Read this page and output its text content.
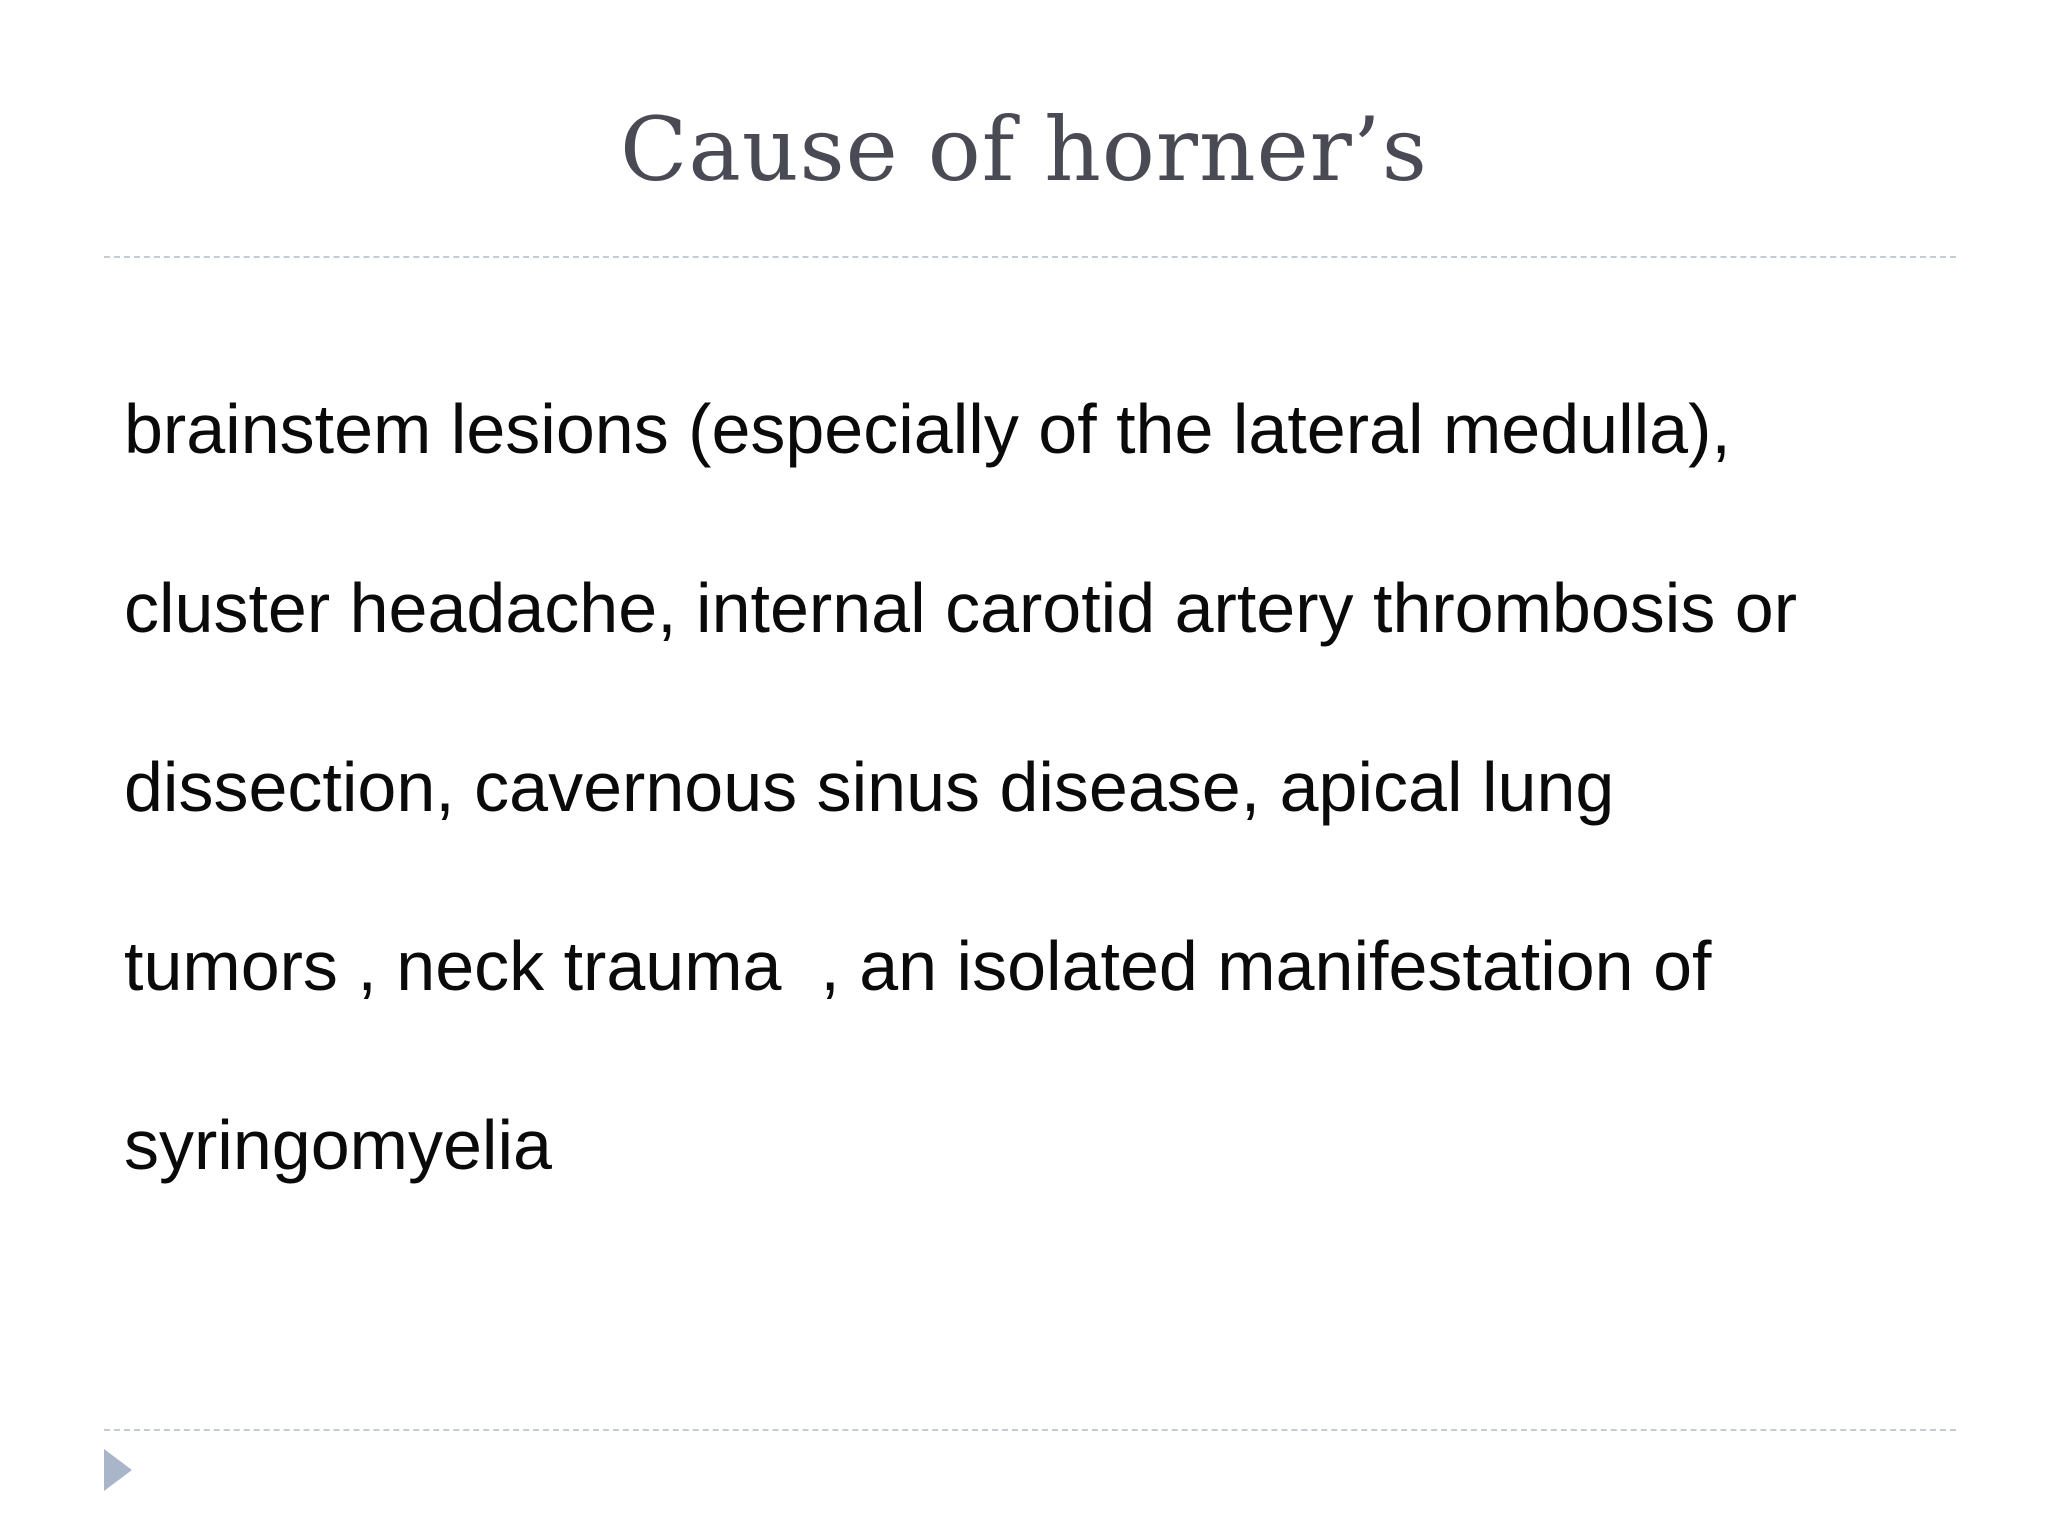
Cause of horner’s
brainstem lesions (especially of the lateral medulla),
cluster headache, internal carotid artery thrombosis or
dissection, cavernous sinus disease, apical lung
tumors , neck trauma  , an isolated manifestation of
syringomyelia
